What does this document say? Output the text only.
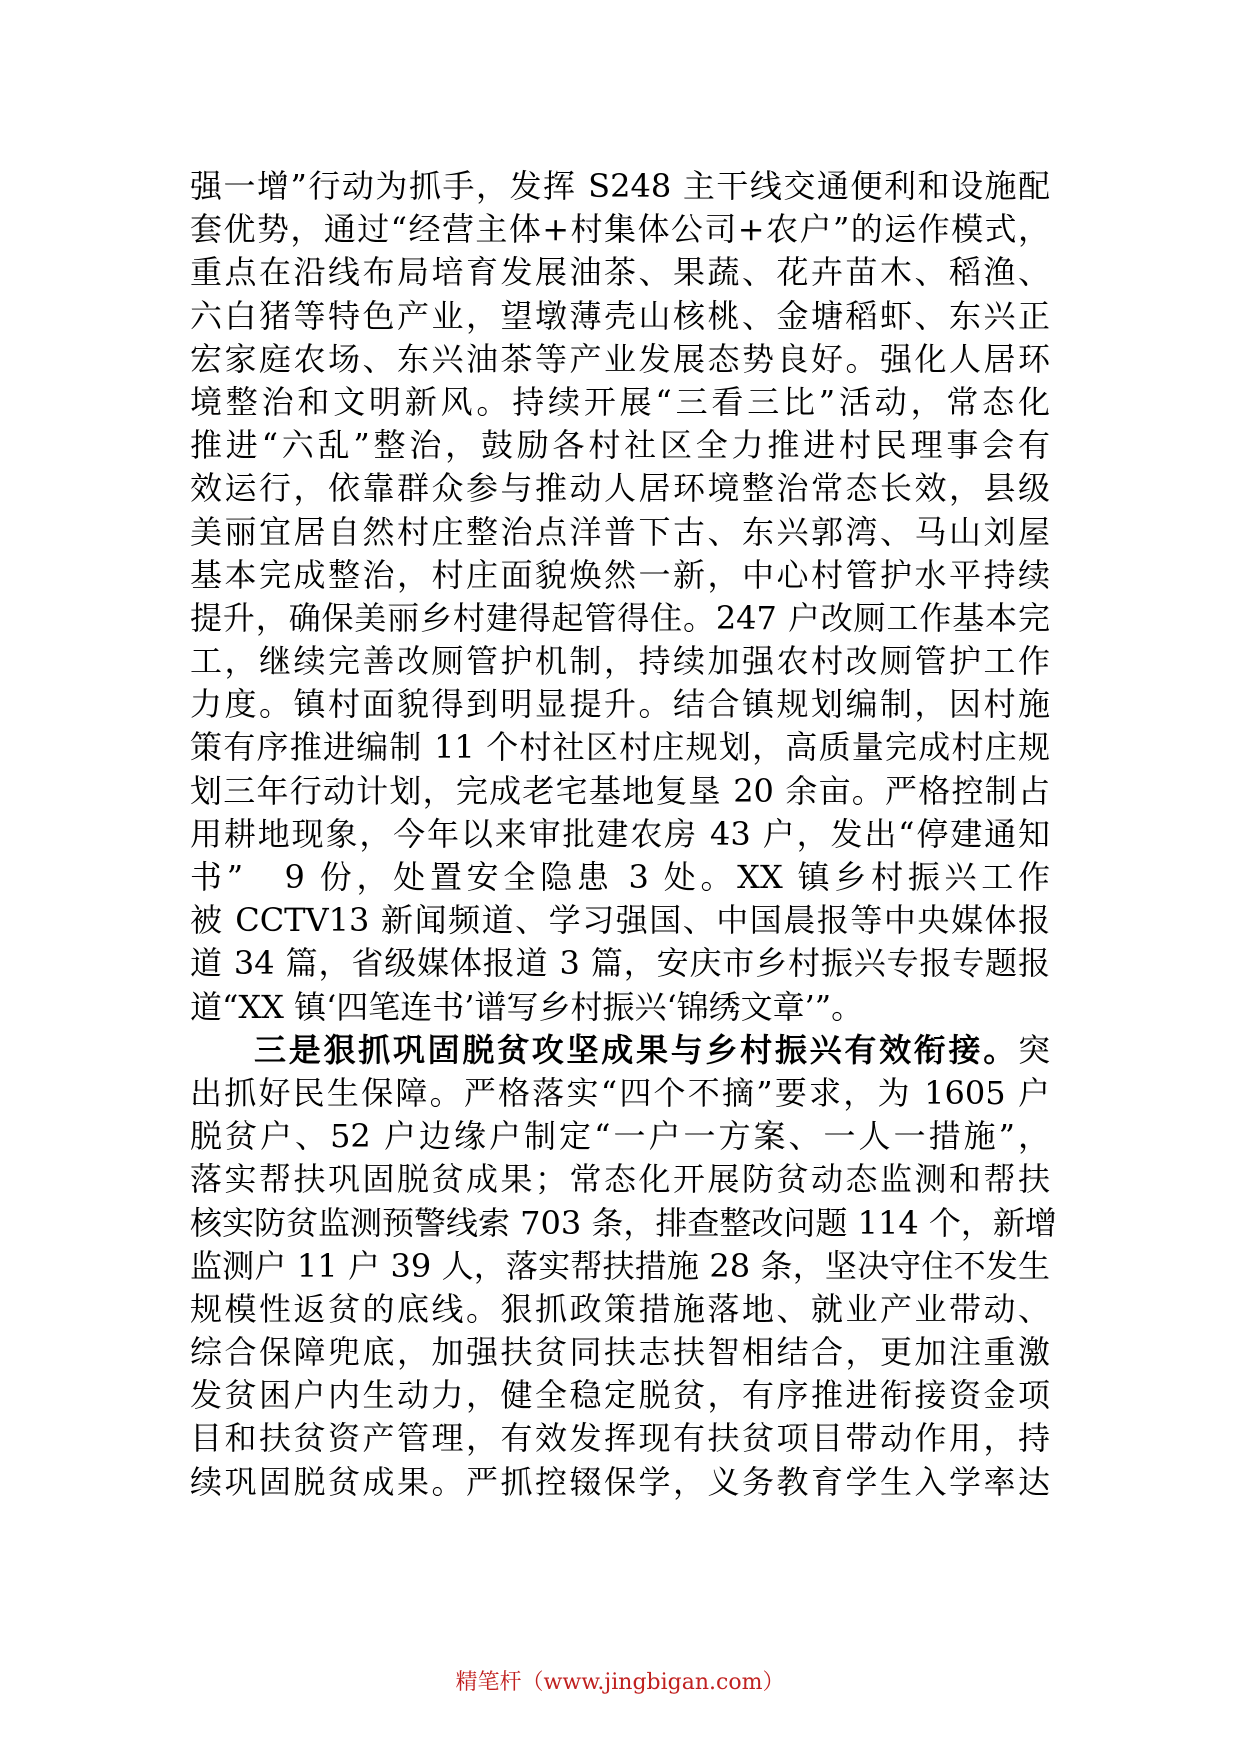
强一增”行动为抓手，发挥 S248 主干线交通便利和设施配
套优势，通过“经营主体+村集体公司+农户”的运作模式，
重点在沿线布局培育发展油茶、果蔬、花卉苗木、稻渔、
六白猪等特色产业，望墩薄壳山核桃、金塘稻虾、东兴正
宏家庭农场、东兴油茶等产业发展态势良好。强化人居环
境整治和文明新风。持续开展“三看三比”活动，常态化
推进“六乱”整治，鼓励各村社区全力推进村民理事会有
效运行，依靠群众参与推动人居环境整治常态长效，县级
美丽宜居自然村庄整治点洋普下古、东兴郭湾、马山刘屋
基本完成整治，村庄面貌焕然一新，中心村管护水平持续
提升，确保美丽乡村建得起管得住。247 户改厕工作基本完
工，继续完善改厕管护机制，持续加强农村改厕管护工作
力度。镇村面貌得到明显提升。结合镇规划编制，因村施
策有序推进编制 11 个村社区村庄规划，高质量完成村庄规
划三年行动计划，完成老宅基地复垦 20 余亩。严格控制占
用耕地现象，今年以来审批建农房 43 户，发出“停建通知
书”　9 份，处置安全隐患 3 处。XX 镇乡村振兴工作
被 CCTV13 新闻频道、学习强国、中国晨报等中央媒体报
道 34 篇，省级媒体报道 3 篇，安庆市乡村振兴专报专题报
道“XX 镇‘四笔连书’谱写乡村振兴‘锦绣文章’”。
三是狠抓巩固脱贫攻坚成果与乡村振兴有效衔接。突
出抓好民生保障。严格落实“四个不摘”要求，为 1605 户
脱贫户、52 户边缘户制定“一户一方案、一人一措施”，
落实帮扶巩固脱贫成果；常态化开展防贫动态监测和帮扶
核实防贫监测预警线索 703 条，排查整改问题 114 个，新增
监测户 11 户 39 人，落实帮扶措施 28 条，坚决守住不发生
规模性返贫的底线。狠抓政策措施落地、就业产业带动、
综合保障兜底，加强扶贫同扶志扶智相结合，更加注重激
发贫困户内生动力，健全稳定脱贫，有序推进衔接资金项
目和扶贫资产管理，有效发挥现有扶贫项目带动作用，持
续巩固脱贫成果。严抓控辍保学，义务教育学生入学率达
精笔杆（www.jingbigan.com）
